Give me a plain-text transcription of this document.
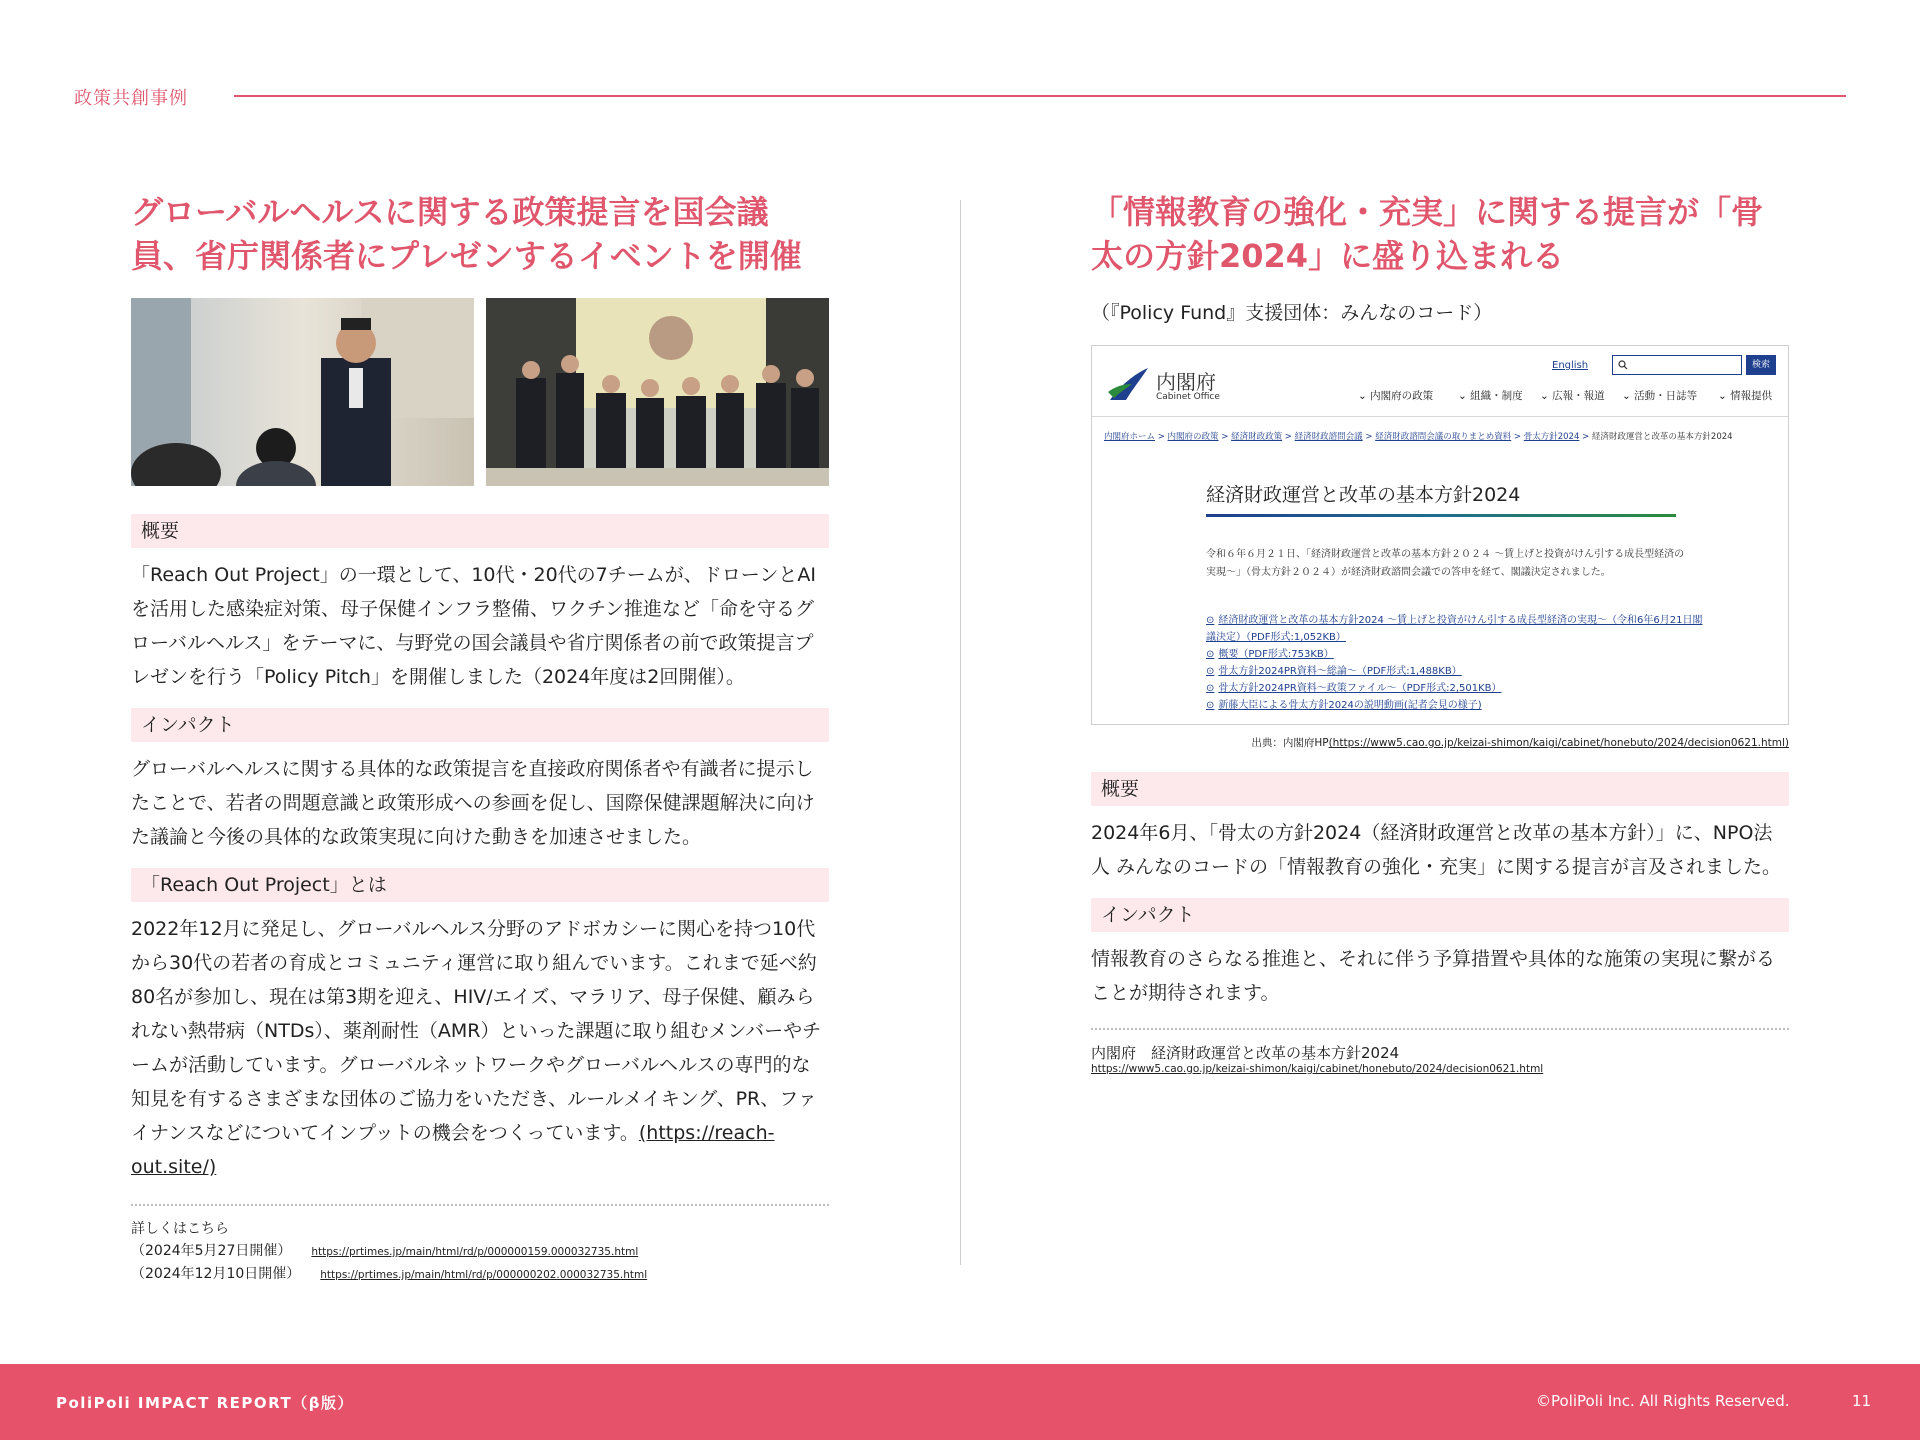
政策共創事例
グローバルヘルスに関する政策提言を国会議員、省庁関係者にプレゼンするイベントを開催
概要

「Reach Out Project」の一環として、10代・20代の7チームが、ドローンとAIを活用した感染症対策、母子保健インフラ整備、ワクチン推進など「命を守るグローバルヘルス」をテーマに、与野党の国会議員や省庁関係者の前で政策提言プレゼンを行う「Policy Pitch」を開催しました（2024年度は2回開催）。

インパクト

グローバルヘルスに関する具体的な政策提言を直接政府関係者や有識者に提示したことで、若者の問題意識と政策形成への参画を促し、国際保健課題解決に向けた議論と今後の具体的な政策実現に向けた動きを加速させました。

「Reach Out Project」とは

2022年12月に発足し、グローバルヘルス分野のアドボカシーに関心を持つ10代から30代の若者の育成とコミュニティ運営に取り組んでいます。これまで延べ約80名が参加し、現在は第3期を迎え、HIV/エイズ、マラリア、母子保健、顧みられない熱帯病（NTDs）、薬剤耐性（AMR）といった課題に取り組むメンバーやチームが活動しています。グローバルネットワークやグローバルヘルスの専門的な知見を有するさまざまな団体のご協力をいただき、ルールメイキング、PR、ファイナンスなどについてインプットの機会をつくっています。(https://reach-out.site/)

詳しくはこちら
（2024年5月27日開催） https://prtimes.jp/main/html/rd/p/000000159.000032735.html
（2024年12月10日開催） https://prtimes.jp/main/html/rd/p/000000202.000032735.html
「情報教育の強化・充実」に関する提言が「骨太の方針2024」に盛り込まれる
（『Policy Fund』支援団体：みんなのコード）
内閣府
Cabinet Office
English	検索
⌄ 内閣府の政策 ⌄ 組織・制度 ⌄ 広報・報道 ⌄ 活動・日誌等 ⌄ 情報提供
内閣府ホーム > 内閣府の政策 > 経済財政政策 > 経済財政諮問会議 > 経済財政諮問会議の取りまとめ資料 > 骨太方針2024 > 経済財政運営と改革の基本方針2024
経済財政運営と改革の基本方針2024
令和６年６月２１日、「経済財政運営と改革の基本方針２０２４ ～賃上げと投資がけん引する成長型経済の実現～」（骨太方針２０２４）が経済財政諮問会議での答申を経て、閣議決定されました。
⊙ 経済財政運営と改革の基本方針2024 ～賃上げと投資がけん引する成長型経済の実現～（令和6年6月21日閣議決定）（PDF形式:1,052KB）
⊙ 概要（PDF形式:753KB）
⊙ 骨太方針2024PR資料～総論～（PDF形式:1,488KB）
⊙ 骨太方針2024PR資料～政策ファイル～（PDF形式:2,501KB）
⊙ 新藤大臣による骨太方針2024の説明動画(記者会見の様子)
出典：内閣府HP(https://www5.cao.go.jp/keizai-shimon/kaigi/cabinet/honebuto/2024/decision0621.html)
概要

2024年6月、「骨太の方針2024（経済財政運営と改革の基本方針）」に、NPO法人 みんなのコードの「情報教育の強化・充実」に関する提言が言及されました。

インパクト

情報教育のさらなる推進と、それに伴う予算措置や具体的な施策の実現に繋がることが期待されます。

内閣府　経済財政運営と改革の基本方針2024
https://www5.cao.go.jp/keizai-shimon/kaigi/cabinet/honebuto/2024/decision0621.html
PoliPoli IMPACT REPORT（β版）	©PoliPoli Inc. All Rights Reserved.	11
